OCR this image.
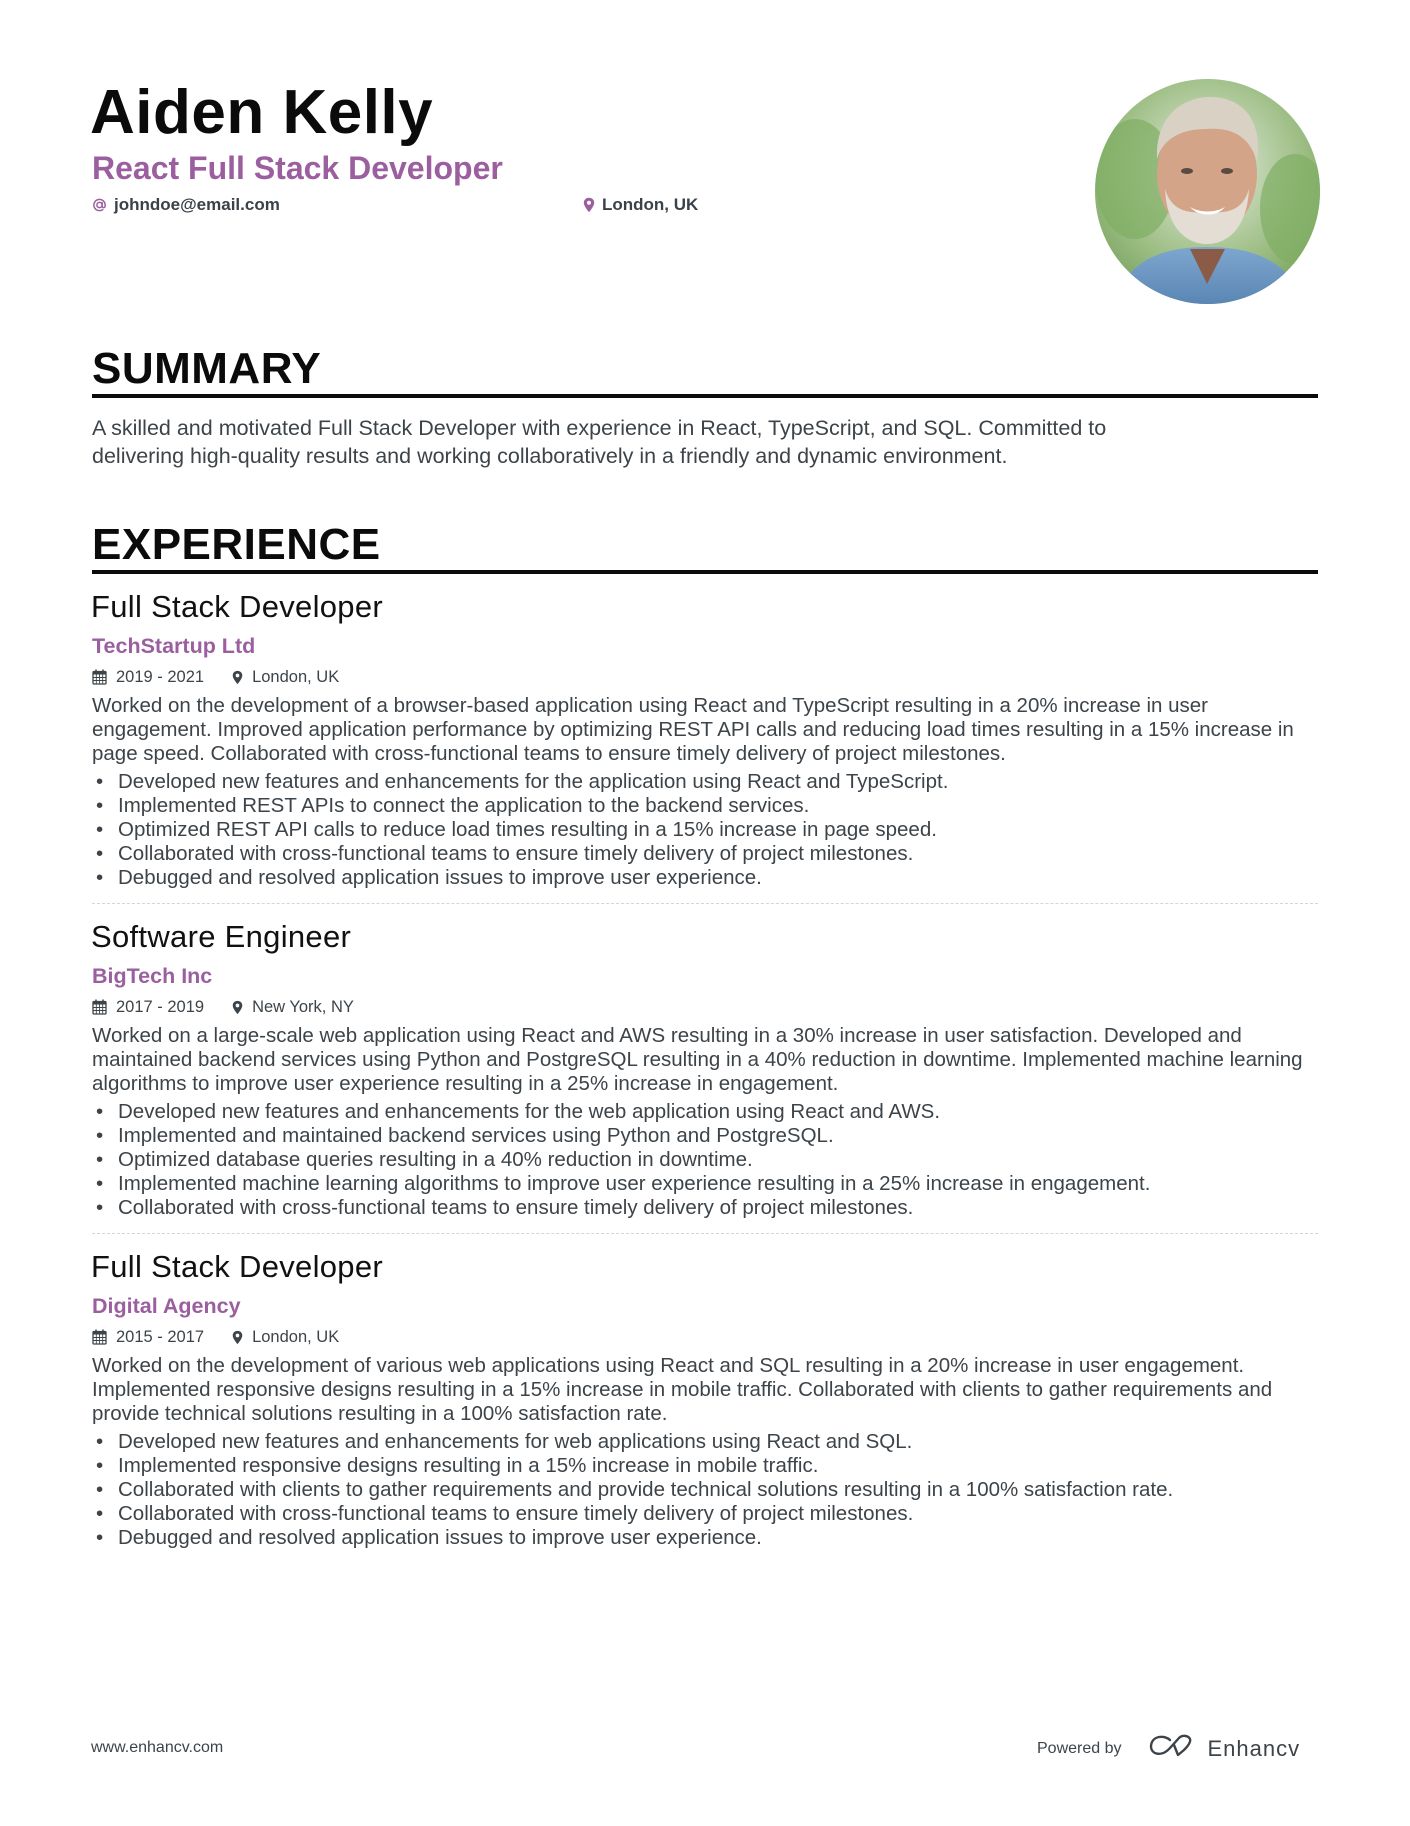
Aiden Kelly
React Full Stack Developer
johndoe@email.com	London, UK
SUMMARY
A skilled and motivated Full Stack Developer with experience in React, TypeScript, and SQL. Committed to
delivering high-quality results and working collaboratively in a friendly and dynamic environment.
EXPERIENCE
Full Stack Developer
TechStartup Ltd
2019 - 2021	London, UK
Worked on the development of a browser-based application using React and TypeScript resulting in a 20% increase in user
engagement. Improved application performance by optimizing REST API calls and reducing load times resulting in a 15% increase in
page speed. Collaborated with cross-functional teams to ensure timely delivery of project milestones.
• Developed new features and enhancements for the application using React and TypeScript.
• Implemented REST APIs to connect the application to the backend services.
• Optimized REST API calls to reduce load times resulting in a 15% increase in page speed.
• Collaborated with cross-functional teams to ensure timely delivery of project milestones.
• Debugged and resolved application issues to improve user experience.
Software Engineer
BigTech Inc
2017 - 2019	New York, NY
Worked on a large-scale web application using React and AWS resulting in a 30% increase in user satisfaction. Developed and
maintained backend services using Python and PostgreSQL resulting in a 40% reduction in downtime. Implemented machine learning
algorithms to improve user experience resulting in a 25% increase in engagement.
• Developed new features and enhancements for the web application using React and AWS.
• Implemented and maintained backend services using Python and PostgreSQL.
• Optimized database queries resulting in a 40% reduction in downtime.
• Implemented machine learning algorithms to improve user experience resulting in a 25% increase in engagement.
• Collaborated with cross-functional teams to ensure timely delivery of project milestones.
Full Stack Developer
Digital Agency
2015 - 2017	London, UK
Worked on the development of various web applications using React and SQL resulting in a 20% increase in user engagement.
Implemented responsive designs resulting in a 15% increase in mobile traffic. Collaborated with clients to gather requirements and
provide technical solutions resulting in a 100% satisfaction rate.
• Developed new features and enhancements for web applications using React and SQL.
• Implemented responsive designs resulting in a 15% increase in mobile traffic.
• Collaborated with clients to gather requirements and provide technical solutions resulting in a 100% satisfaction rate.
• Collaborated with cross-functional teams to ensure timely delivery of project milestones.
• Debugged and resolved application issues to improve user experience.
www.enhancv.com	Powered by	Enhancv
